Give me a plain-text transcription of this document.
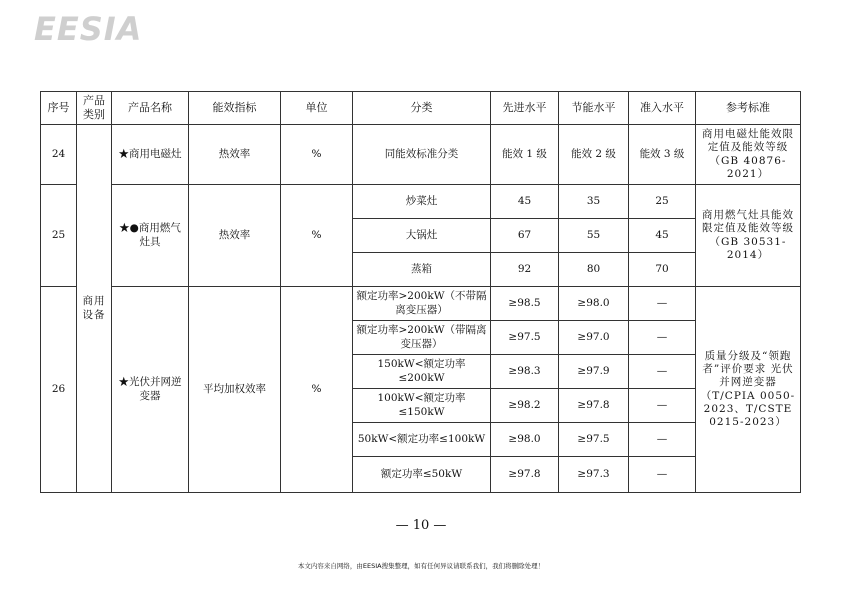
EESIA
序号	产品类别	产品名称	能效指标	单位	分类	先进水平	节能水平	准入水平	参考标准
24	商用设备	★商用电磁灶	热效率	%	同能效标准分类	能效 1 级	能效 2 级	能效 3 级	商用电磁灶能效限定值及能效等级（GB 40876-2021）
25		★●商用燃气灶具	热效率	%	炒菜灶	45	35	25	商用燃气灶具能效限定值及能效等级（GB 30531-2014）
					大锅灶	67	55	45	
					蒸箱	92	80	70	
26		★光伏并网逆变器	平均加权效率	%	额定功率>200kW（不带隔离变压器）	≥98.5	≥98.0	—	质量分级及“领跑者”评价要求 光伏并网逆变器（T/CPIA 0050-2023、T/CSTE 0215-2023）
					额定功率>200kW（带隔离变压器）	≥97.5	≥97.0	—	
					150kW<额定功率≤200kW	≥98.3	≥97.9	—	
					100kW<额定功率≤150kW	≥98.2	≥97.8	—	
					50kW<额定功率≤100kW	≥98.0	≥97.5	—	
					额定功率≤50kW	≥97.8	≥97.3	—	
— 10 —
本文内容来自网络，由EESIA搜集整理，如有任何异议请联系我们，我们将删除处理！
